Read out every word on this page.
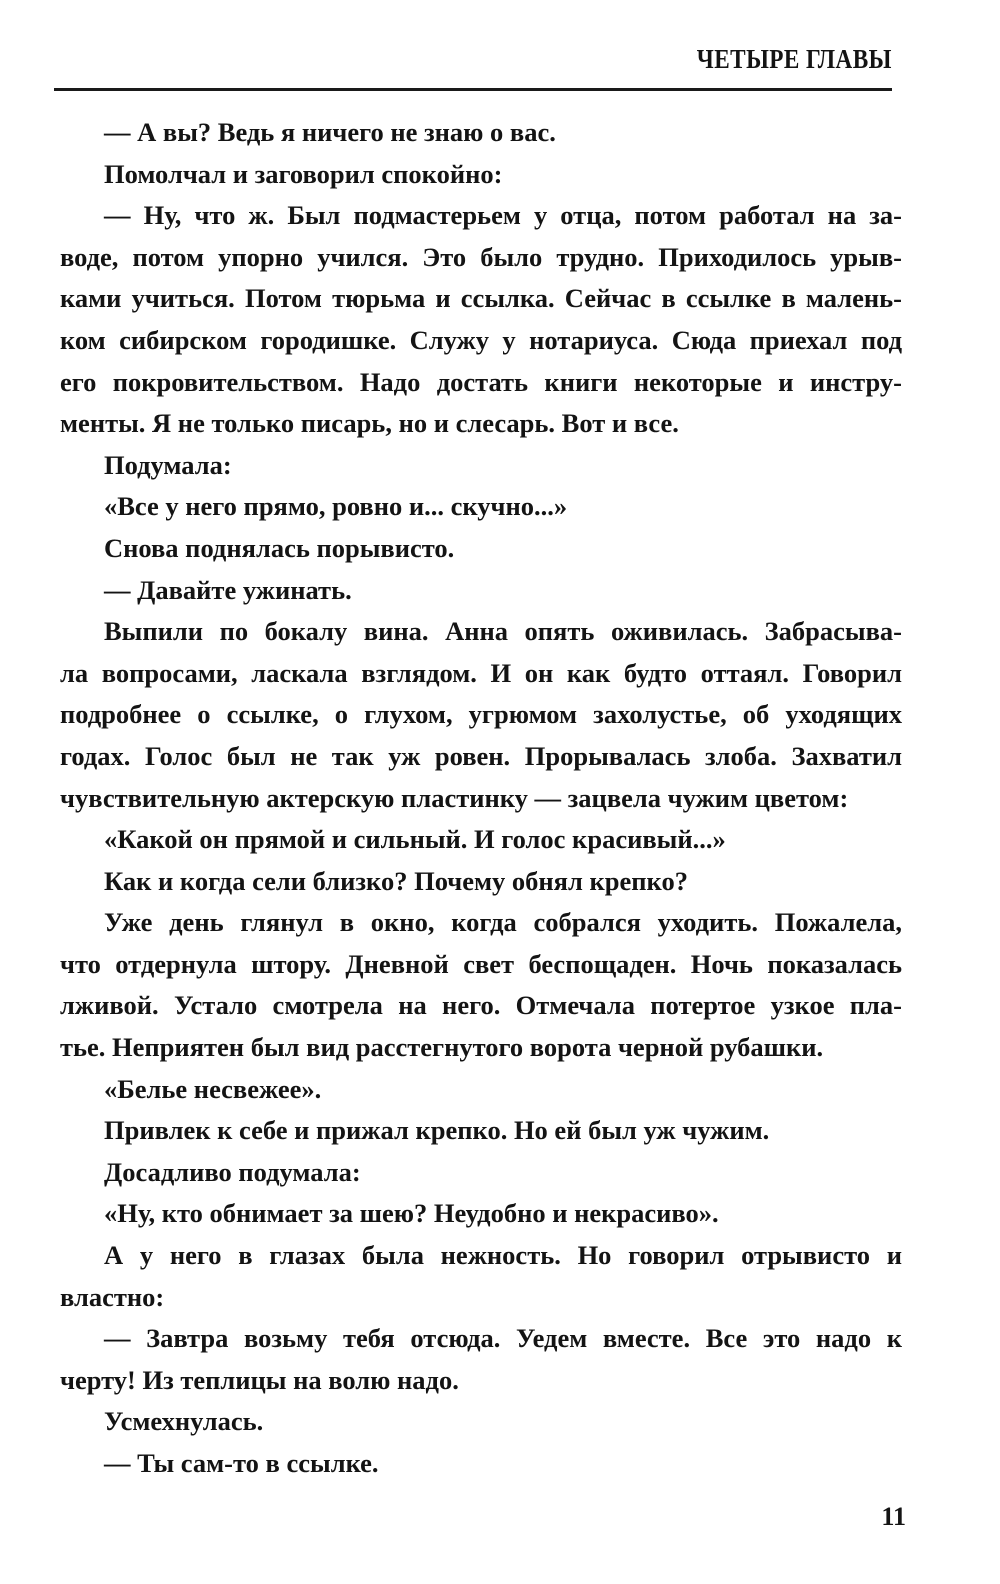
ЧЕТЫРЕ ГЛАВЫ
— А вы? Ведь я ничего не знаю о вас.
Помолчал и заговорил спокойно:
— Ну, что ж. Был подмастерьем у отца, потом работал на за-
воде, потом упорно учился. Это было трудно. Приходилось урыв-
ками учиться. Потом тюрьма и ссылка. Сейчас в ссылке в малень-
ком сибирском городишке. Служу у нотариуса. Сюда приехал под
его покровительством. Надо достать книги некоторые и инстру-
менты. Я не только писарь, но и слесарь. Вот и все.
Подумала:
«Все у него прямо, ровно и... скучно...»
Снова поднялась порывисто.
— Давайте ужинать.
Выпили по бокалу вина. Анна опять оживилась. Забрасыва-
ла вопросами, ласкала взглядом. И он как будто оттаял. Говорил
подробнее о ссылке, о глухом, угрюмом захолустье, об уходящих
годах. Голос был не так уж ровен. Прорывалась злоба. Захватил
чувствительную актерскую пластинку — зацвела чужим цветом:
«Какой он прямой и сильный. И голос красивый...»
Как и когда сели близко? Почему обнял крепко?
Уже день глянул в окно, когда собрался уходить. Пожалела,
что отдернула штору. Дневной свет беспощаден. Ночь показалась
лживой. Устало смотрела на него. Отмечала потертое узкое пла-
тье. Неприятен был вид расстегнутого ворота черной рубашки.
«Белье несвежее».
Привлек к себе и прижал крепко. Но ей был уж чужим.
Досадливо подумала:
«Ну, кто обнимает за шею? Неудобно и некрасиво».
А у него в глазах была нежность. Но говорил отрывисто и
властно:
— Завтра возьму тебя отсюда. Уедем вместе. Все это надо к
черту! Из теплицы на волю надо.
Усмехнулась.
— Ты сам-то в ссылке.
11
